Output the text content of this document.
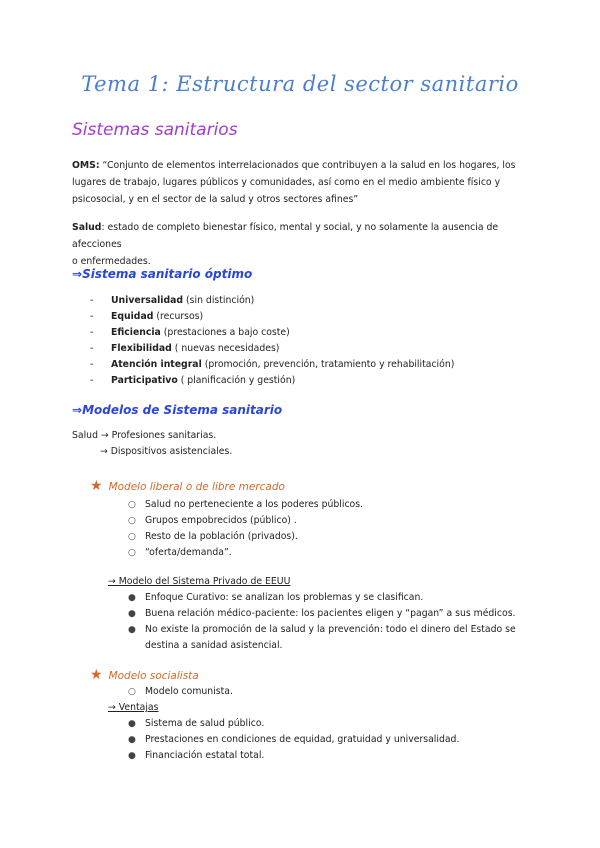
Tema 1: Estructura del sector sanitario
Sistemas sanitarios
OMS: “Conjunto de elementos interrelacionados que contribuyen a la salud en los hogares, los
lugares de trabajo, lugares públicos y comunidades, así como en el medio ambiente físico y
psicosocial, y en el sector de la salud y otros sectores afines”
Salud: estado de completo bienestar físico, mental y social, y no solamente la ausencia de afecciones
o enfermedades.
⇒Sistema sanitario óptimo
- Universalidad (sin distinción)
- Equidad (recursos)
- Eficiencia (prestaciones a bajo coste)
- Flexibilidad ( nuevas necesidades)
- Atención integral (promoción, prevención, tratamiento y rehabilitación)
- Participativo ( planificación y gestión)
⇒Modelos de Sistema sanitario
Salud → Profesiones sanitarias.
→ Dispositivos asistenciales.
★ Modelo liberal o de libre mercado
○ Salud no perteneciente a los poderes públicos.
○ Grupos empobrecidos (público) .
○ Resto de la población (privados).
○ “oferta/demanda”.
→ Modelo del Sistema Privado de EEUU
● Enfoque Curativo: se analizan los problemas y se clasifican.
● Buena relación médico-paciente: los pacientes eligen y “pagan” a sus médicos.
● No existe la promoción de la salud y la prevención: todo el dinero del Estado se
destina a sanidad asistencial.
★ Modelo socialista
○ Modelo comunista.
→ Ventajas
● Sistema de salud público.
● Prestaciones en condiciones de equidad, gratuidad y universalidad.
● Financiación estatal total.
